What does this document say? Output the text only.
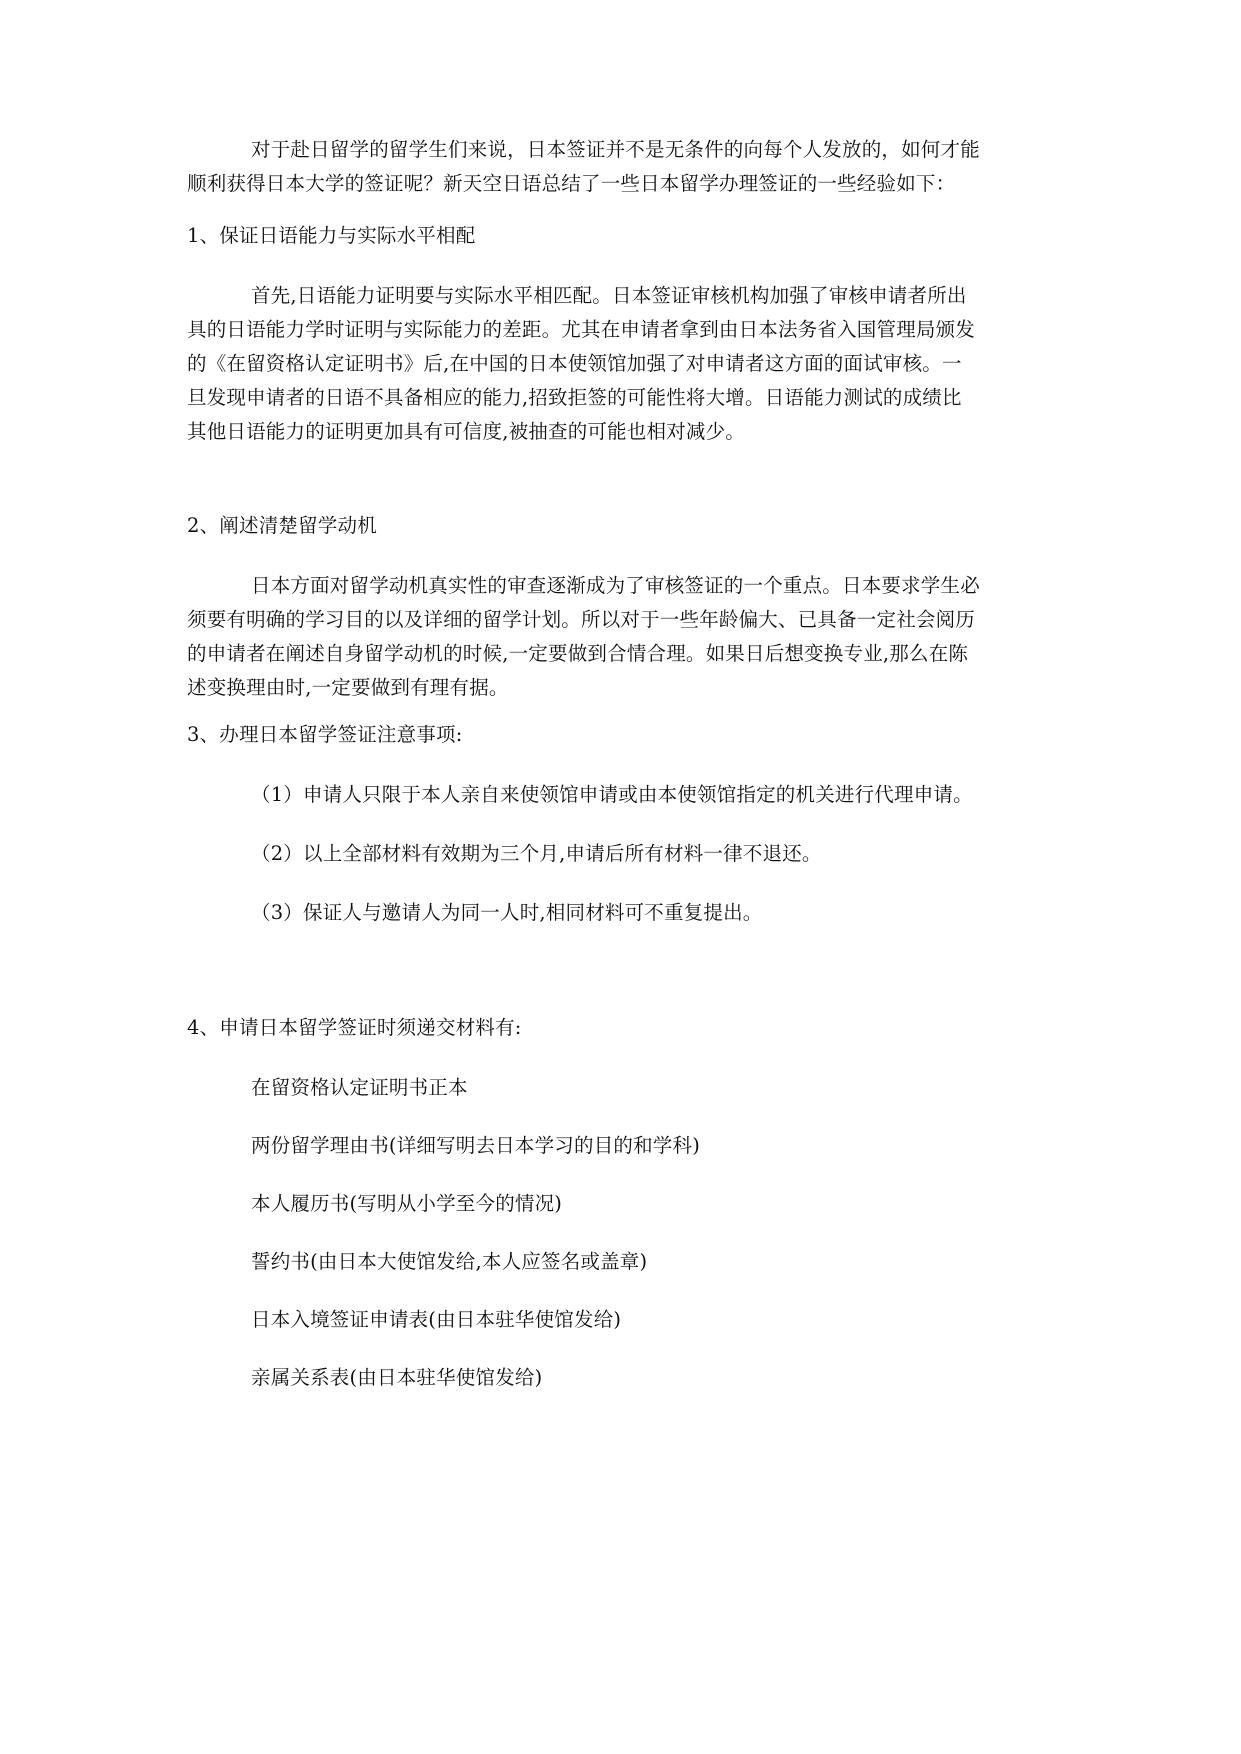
对于赴日留学的留学生们来说，日本签证并不是无条件的向每个人发放的，如何才能
顺利获得日本大学的签证呢？新天空日语总结了一些日本留学办理签证的一些经验如下：

1、保证日语能力与实际水平相配

首先,日语能力证明要与实际水平相匹配。日本签证审核机构加强了审核申请者所出
具的日语能力学时证明与实际能力的差距。尤其在申请者拿到由日本法务省入国管理局颁发
的《在留资格认定证明书》后,在中国的日本使领馆加强了对申请者这方面的面试审核。一
旦发现申请者的日语不具备相应的能力,招致拒签的可能性将大增。日语能力测试的成绩比
其他日语能力的证明更加具有可信度,被抽查的可能也相对减少。

2、阐述清楚留学动机

日本方面对留学动机真实性的审查逐渐成为了审核签证的一个重点。日本要求学生必
须要有明确的学习目的以及详细的留学计划。所以对于一些年龄偏大、已具备一定社会阅历
的申请者在阐述自身留学动机的时候,一定要做到合情合理。如果日后想变换专业,那么在陈
述变换理由时,一定要做到有理有据。

3、办理日本留学签证注意事项:

（1）申请人只限于本人亲自来使领馆申请或由本使领馆指定的机关进行代理申请。

（2）以上全部材料有效期为三个月,申请后所有材料一律不退还。

（3）保证人与邀请人为同一人时,相同材料可不重复提出。

4、申请日本留学签证时须递交材料有:

在留资格认定证明书正本

两份留学理由书(详细写明去日本学习的目的和学科)

本人履历书(写明从小学至今的情况)

誓约书(由日本大使馆发给,本人应签名或盖章)

日本入境签证申请表(由日本驻华使馆发给)

亲属关系表(由日本驻华使馆发给)
